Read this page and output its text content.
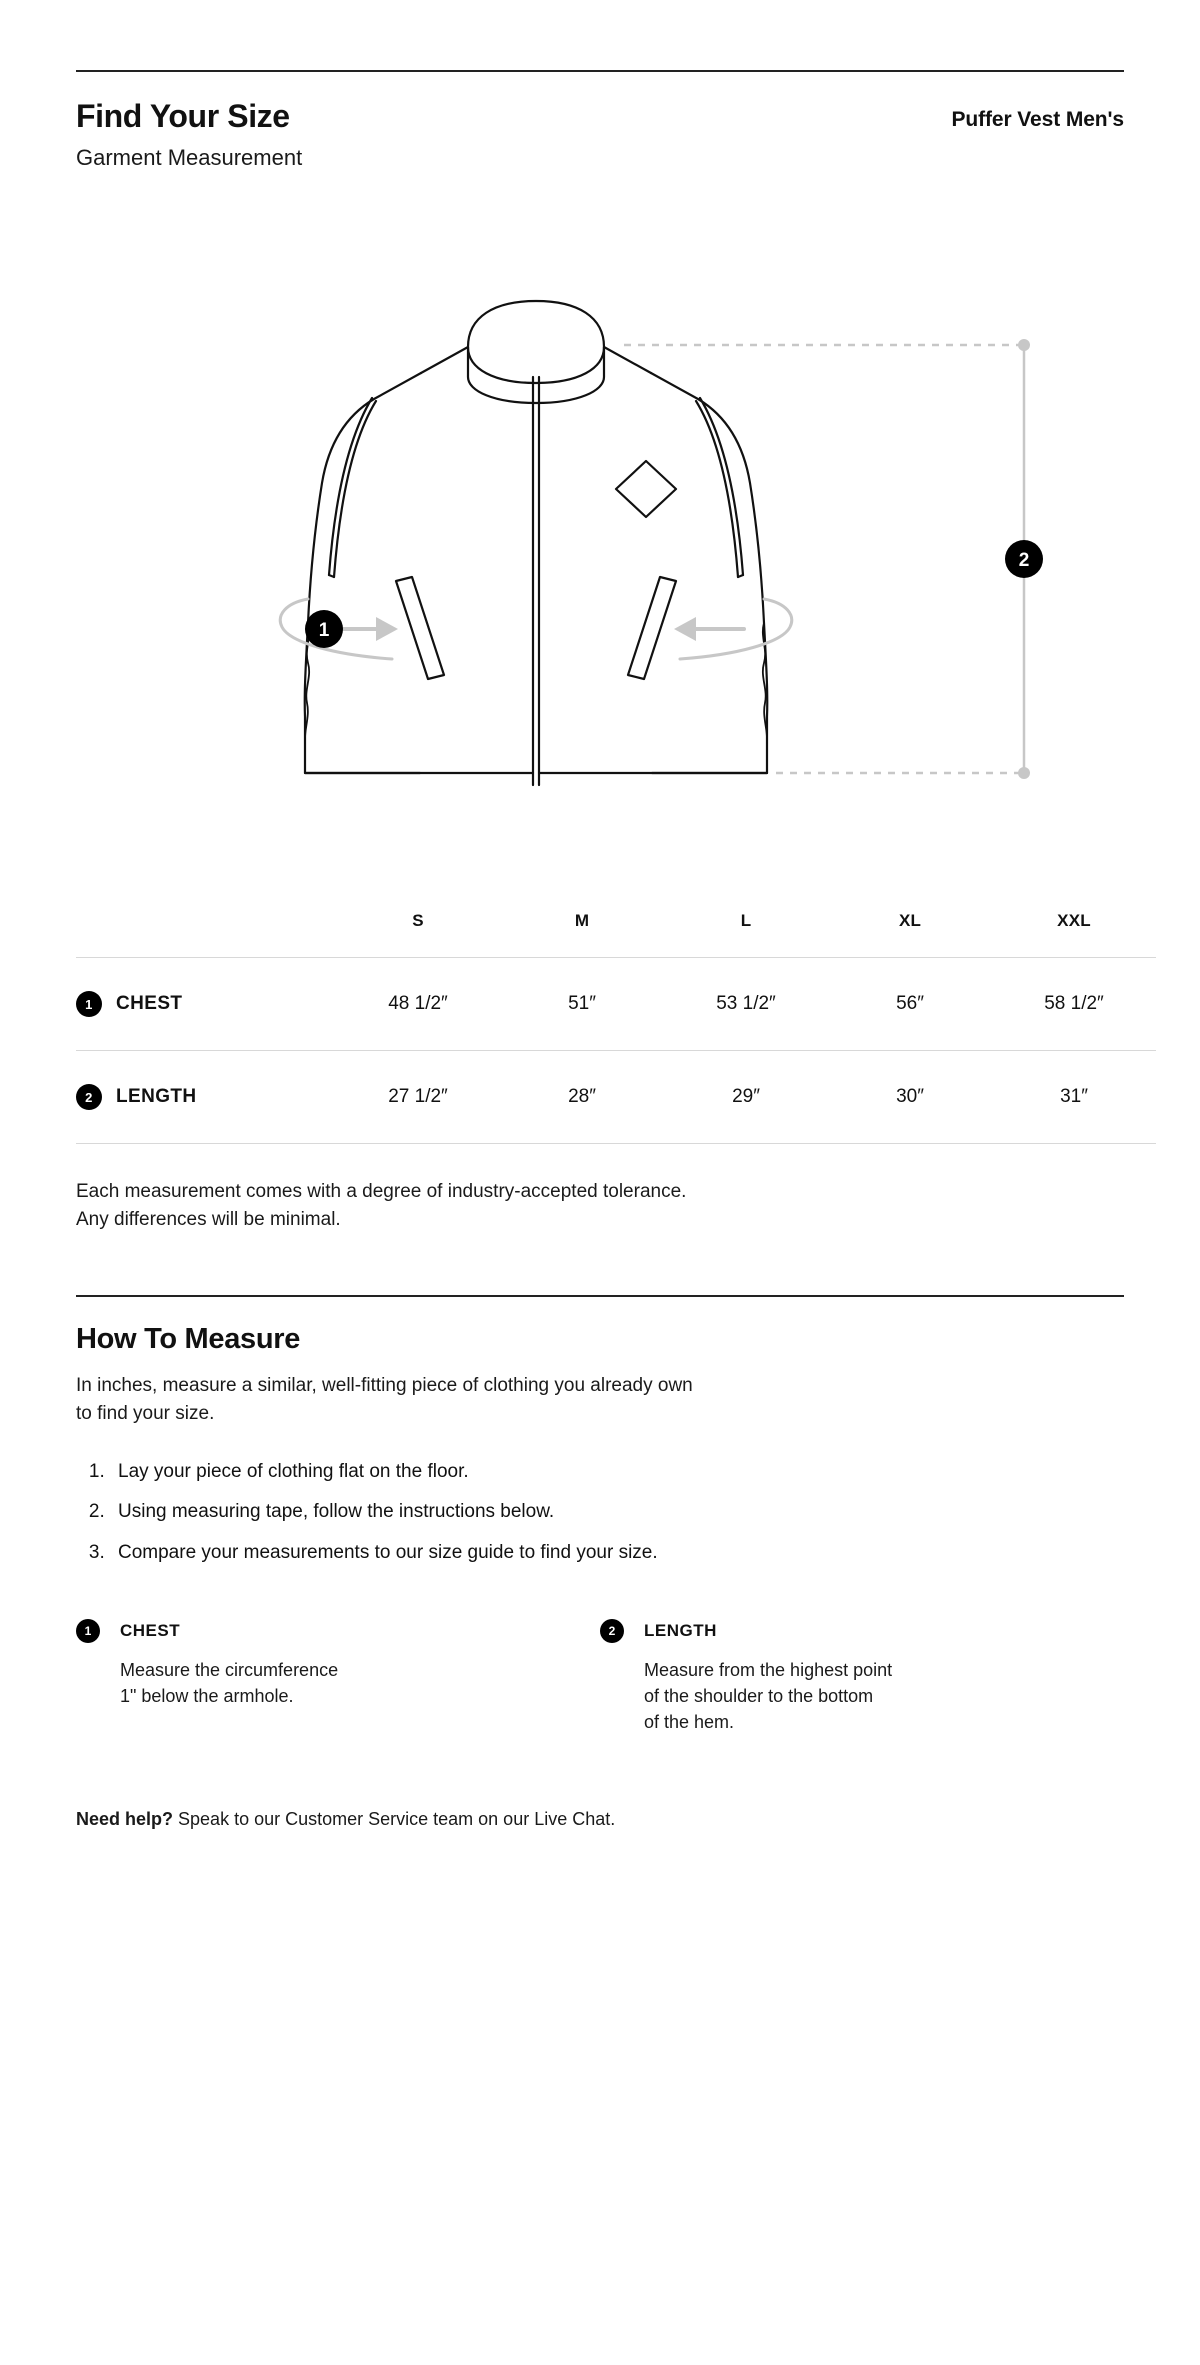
Find Your Size
Garment Measurement
Puffer Vest Men's
1
2
	S	M	L	XL	XXL
1 CHEST	48 1/2″	51″	53 1/2″	56″	58 1/2″
2 LENGTH	27 1/2″	28″	29″	30″	31″
Each measurement comes with a degree of industry-accepted tolerance.
Any differences will be minimal.
How To Measure
In inches, measure a similar, well-fitting piece of clothing you already own
to find your size.
1. Lay your piece of clothing flat on the floor.
2. Using measuring tape, follow the instructions below.
3. Compare your measurements to our size guide to find your size.
1	CHEST
Measure the circumference
1" below the armhole.
2	LENGTH
Measure from the highest point
of the shoulder to the bottom
of the hem.
Need help? Speak to our Customer Service team on our Live Chat.
